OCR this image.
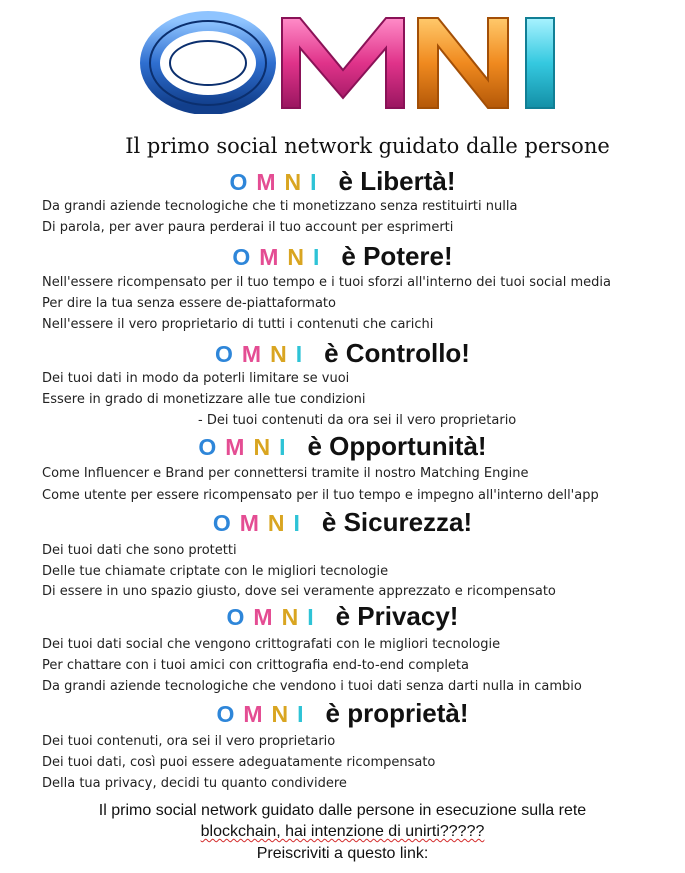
Il primo social network guidato dalle persone
O M N I è Libertà!
Da grandi aziende tecnologiche che ti monetizzano senza restituirti nulla
Di parola, per aver paura perderai il tuo account per esprimerti
O M N I è Potere!
Nell'essere ricompensato per il tuo tempo e i tuoi sforzi all'interno dei tuoi social media
Per dire la tua senza essere de-piattaformato
Nell'essere il vero proprietario di tutti i contenuti che carichi
O M N I è Controllo!
Dei tuoi dati in modo da poterli limitare se vuoi
Essere in grado di monetizzare alle tue condizioni
- Dei tuoi contenuti da ora sei il vero proprietario
O M N I è Opportunità!
Come Influencer e Brand per connettersi tramite il nostro Matching Engine
Come utente per essere ricompensato per il tuo tempo e impegno all'interno dell'app
O M N I è Sicurezza!
Dei tuoi dati che sono protetti
Delle tue chiamate criptate con le migliori tecnologie
Di essere in uno spazio giusto, dove sei veramente apprezzato e ricompensato
O M N I è Privacy!
Dei tuoi dati social che vengono crittografati con le migliori tecnologie
Per chattare con i tuoi amici con crittografia end-to-end completa
Da grandi aziende tecnologiche che vendono i tuoi dati senza darti nulla in cambio
O M N I è proprietà!
Dei tuoi contenuti, ora sei il vero proprietario
Dei tuoi dati, così puoi essere adeguatamente ricompensato
Della tua privacy, decidi tu quanto condividere
Il primo social network guidato dalle persone in esecuzione sulla rete
blockchain, hai intenzione di unirti?????
Preiscriviti a questo link:
